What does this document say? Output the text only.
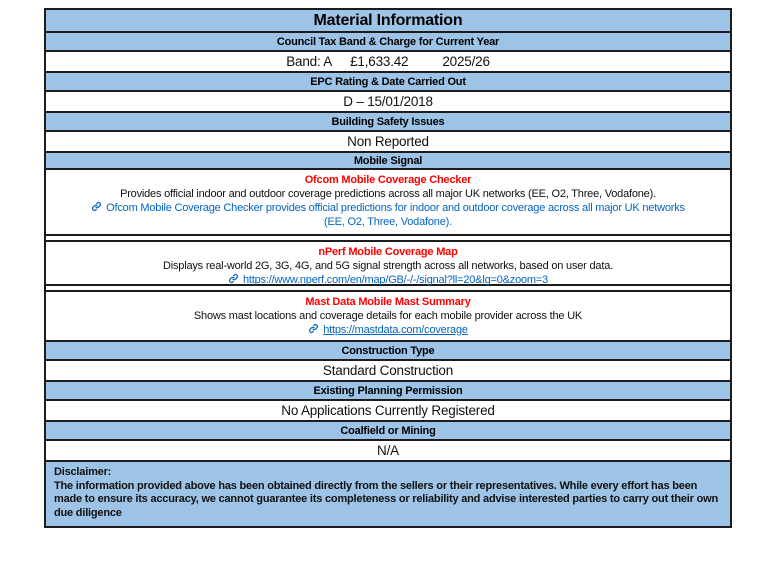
Material Information
Council Tax Band & Charge for Current Year
Band: A £1,633.42	2025/26
EPC Rating & Date Carried Out
D – 15/01/2018
Building Safety Issues
Non Reported
Mobile Signal
Ofcom Mobile Coverage Checker
Provides official indoor and outdoor coverage predictions across all major UK networks (EE, O2, Three, Vodafone).
Ofcom Mobile Coverage Checker provides official predictions for indoor and outdoor coverage across all major UK networks (EE, O2, Three, Vodafone).
nPerf Mobile Coverage Map
Displays real-world 2G, 3G, 4G, and 5G signal strength across all networks, based on user data.
https://www.nperf.com/en/map/GB/-/-/signal?ll=20&lg=0&zoom=3
Mast Data Mobile Mast Summary
Shows mast locations and coverage details for each mobile provider across the UK
https://mastdata.com/coverage
Construction Type
Standard Construction
Existing Planning Permission
No Applications Currently Registered
Coalfield or Mining
N/A
Disclaimer:
The information provided above has been obtained directly from the sellers or their representatives. While every effort has been made to ensure its accuracy, we cannot guarantee its completeness or reliability and advise interested parties to carry out their own due diligence
